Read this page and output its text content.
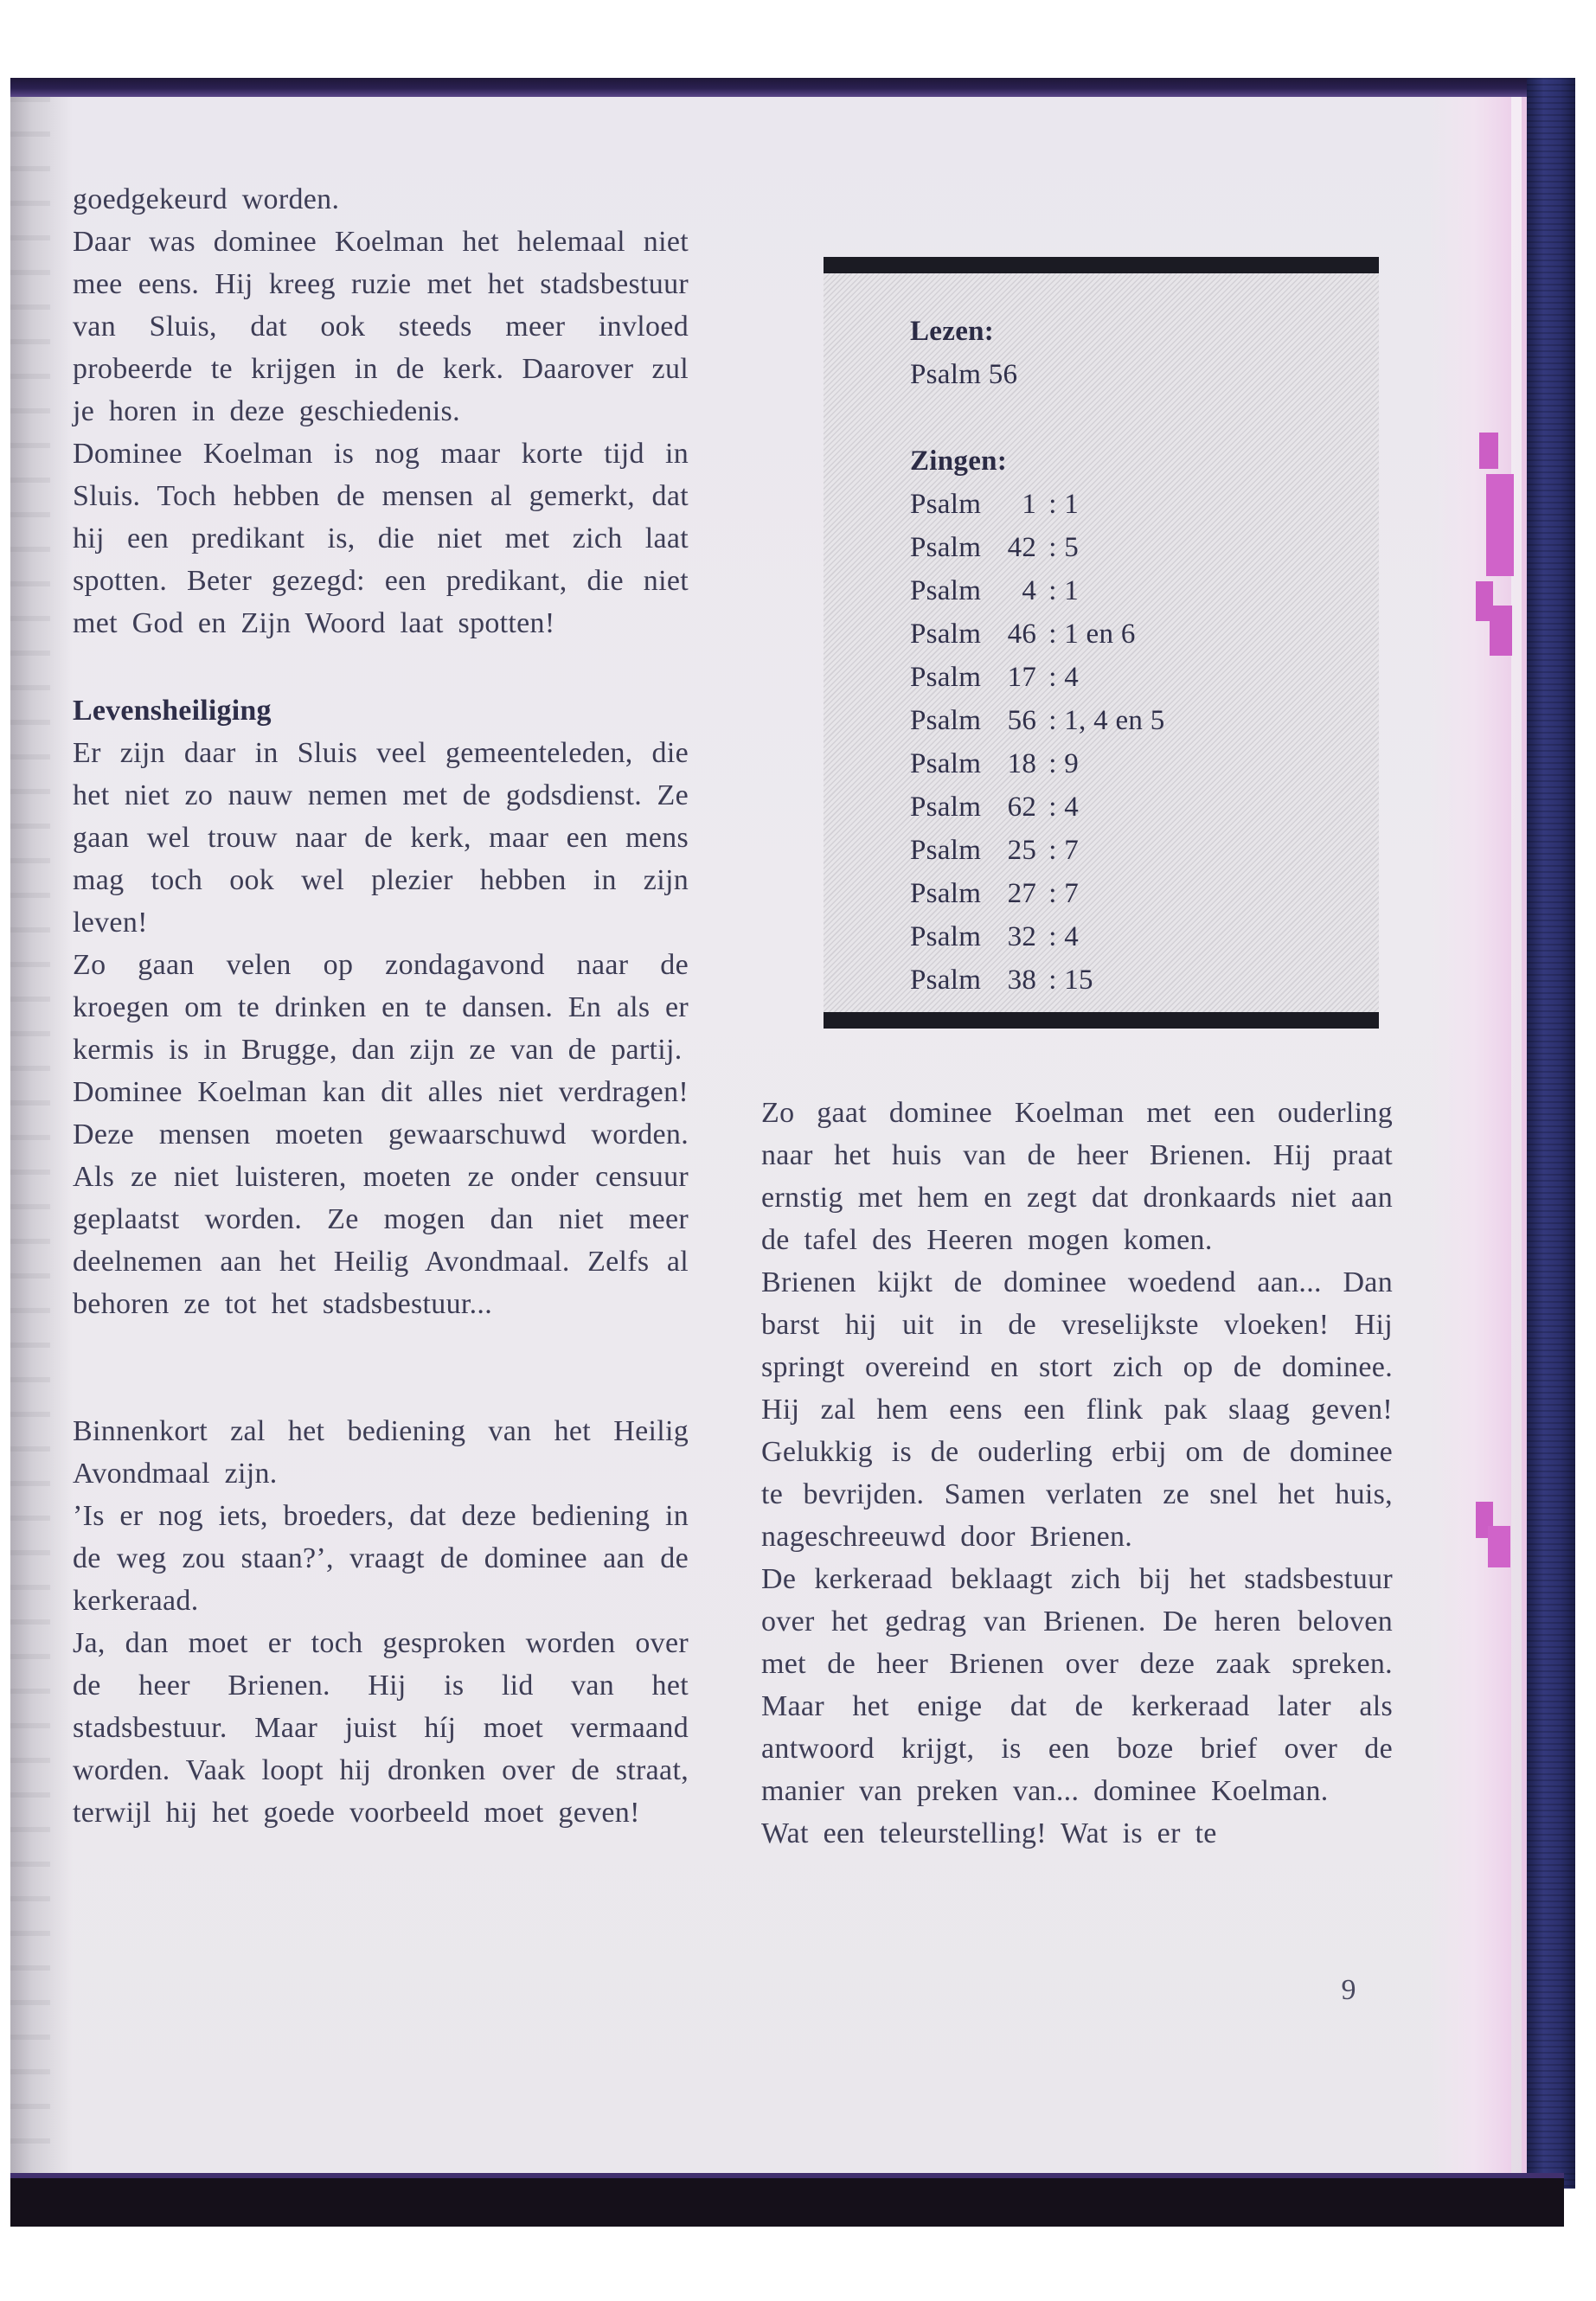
goedgekeurd worden.

Daar was dominee Koelman het helemaal niet mee eens. Hij kreeg ruzie met het stadsbestuur van Sluis, dat ook steeds meer invloed probeerde te krijgen in de kerk. Daarover zul je horen in deze geschiedenis.

Dominee Koelman is nog maar korte tijd in Sluis. Toch hebben de mensen al gemerkt, dat hij een predikant is, die niet met zich laat spotten. Beter gezegd: een predikant, die niet met God en Zijn Woord laat spotten!

Levensheiliging

Er zijn daar in Sluis veel gemeenteleden, die het niet zo nauw nemen met de godsdienst. Ze gaan wel trouw naar de kerk, maar een mens mag toch ook wel plezier hebben in zijn leven!

Zo gaan velen op zondagavond naar de kroegen om te drinken en te dansen. En als er kermis is in Brugge, dan zijn ze van de partij.

Dominee Koelman kan dit alles niet verdragen! Deze mensen moeten gewaarschuwd worden. Als ze niet luisteren, moeten ze onder censuur geplaatst worden. Ze mogen dan niet meer deelnemen aan het Heilig Avondmaal. Zelfs al behoren ze tot het stadsbestuur...

Binnenkort zal het bediening van het Heilig Avondmaal zijn.

’Is er nog iets, broeders, dat deze bediening in de weg zou staan?’, vraagt de dominee aan de kerkeraad.

Ja, dan moet er toch gesproken worden over de heer Brienen. Hij is lid van het stadsbestuur. Maar juist híj moet vermaand worden. Vaak loopt hij dronken over de straat, terwijl hij het goede voorbeeld moet geven!

Lezen:
Psalm 56
Zingen:
Psalm	1 : 1
Psalm 42 : 5
Psalm	4 : 1
Psalm 46 : 1 en 6
Psalm 17 : 4
Psalm 56 : 1, 4 en 5
Psalm 18 : 9
Psalm 62 : 4
Psalm 25 : 7
Psalm 27 : 7
Psalm 32 : 4
Psalm 38 : 15

Zo gaat dominee Koelman met een ouderling naar het huis van de heer Brienen. Hij praat ernstig met hem en zegt dat dronkaards niet aan de tafel des Heeren mogen komen.

Brienen kijkt de dominee woedend aan... Dan barst hij uit in de vreselijkste vloeken! Hij springt overeind en stort zich op de dominee. Hij zal hem eens een flink pak slaag geven! Gelukkig is de ouderling erbij om de dominee te bevrijden. Samen verlaten ze snel het huis, nageschreeuwd door Brienen.

De kerkeraad beklaagt zich bij het stadsbestuur over het gedrag van Brienen. De heren beloven met de heer Brienen over deze zaak spreken. Maar het enige dat de kerkeraad later als antwoord krijgt, is een boze brief over de manier van preken van... dominee Koelman.

Wat een teleurstelling! Wat is er te

9
